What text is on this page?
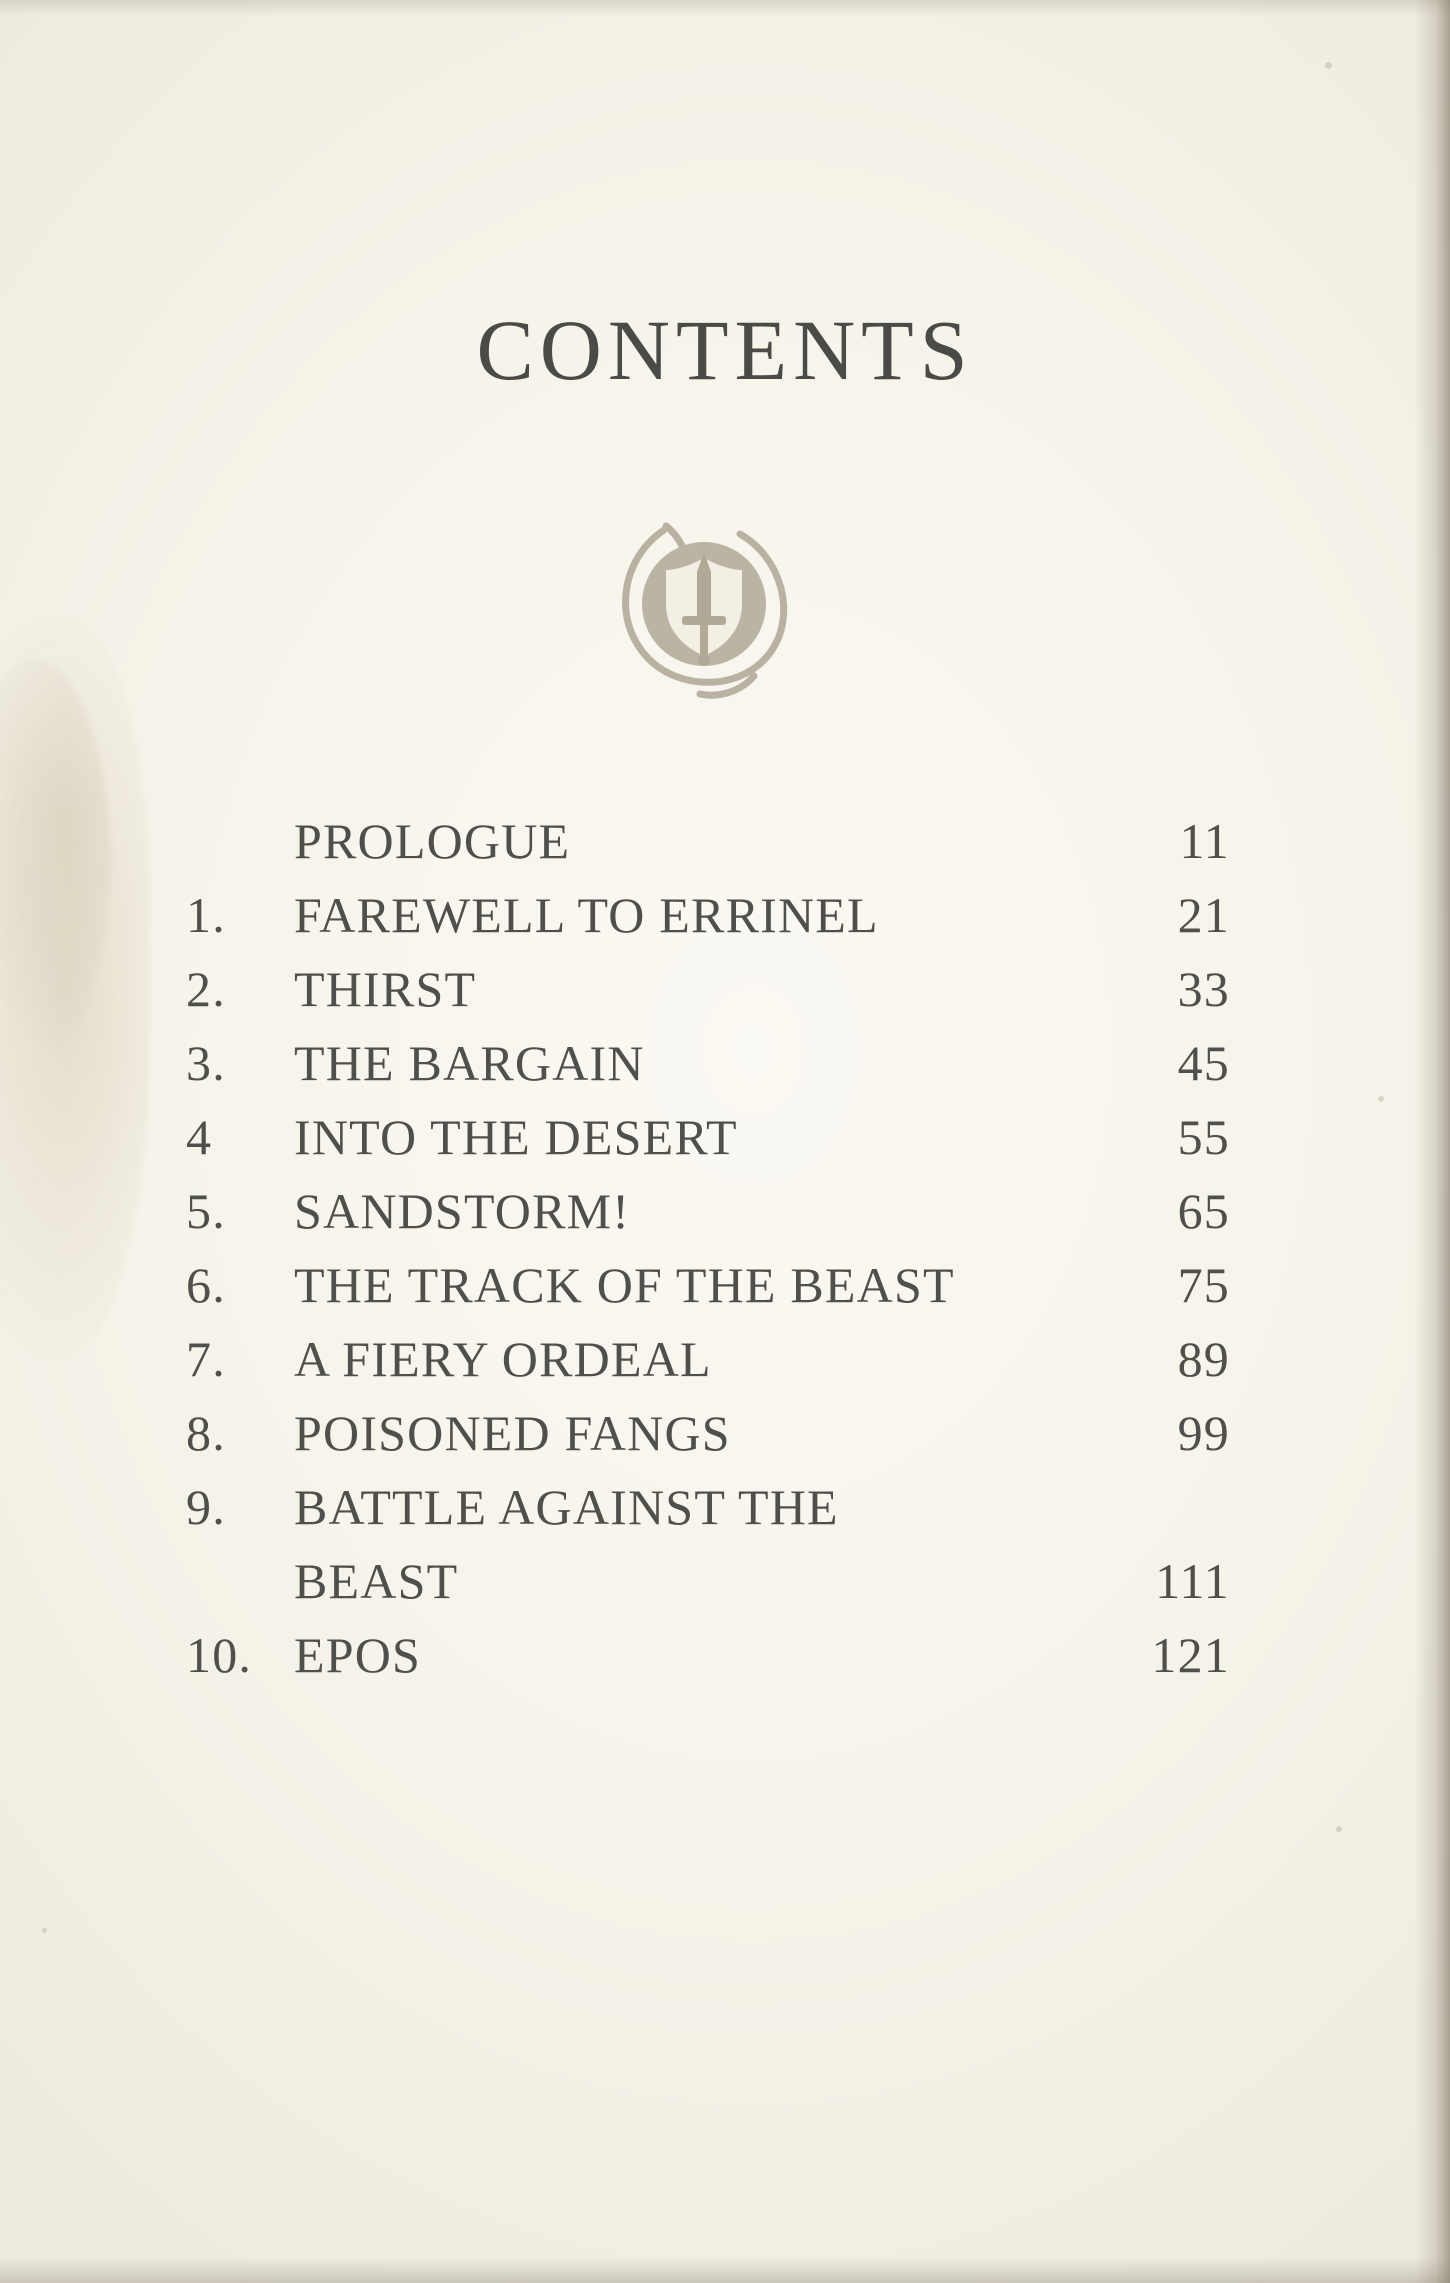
CONTENTS
PROLOGUE	11
1.	FAREWELL TO ERRINEL	21
2.	THIRST	33
3.	THE BARGAIN	45
4	INTO THE DESERT	55
5.	SANDSTORM!	65
6.	THE TRACK OF THE BEAST	75
7.	A FIERY ORDEAL	89
8.	POISONED FANGS	99
9.	BATTLE AGAINST THE
BEAST	111
10. EPOS	121
